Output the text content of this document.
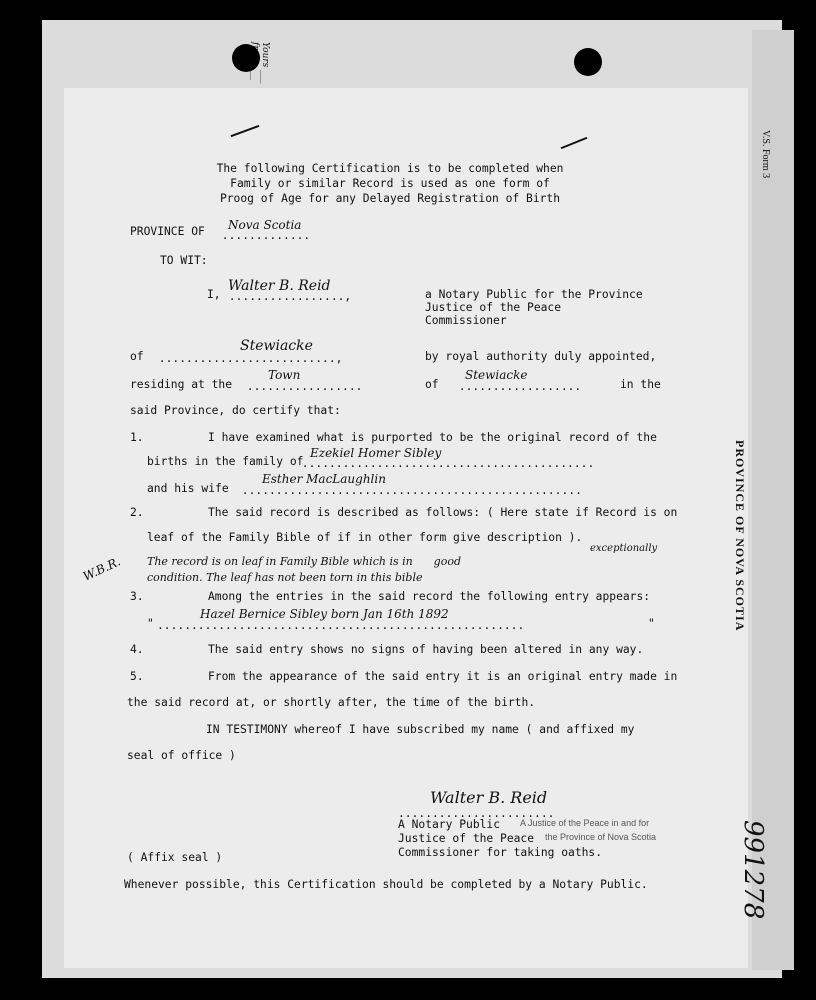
V.S. Form 3
Yours ___
___
The following Certification is to be completed when
Family or similar Record is used as one form of
Proog of Age for any Delayed Registration of Birth
PROVINCE OF .............
Nova Scotia
TO WIT:
I, .................,
Walter B. Reid
a Notary Public for the Province
Justice of the Peace
Commissioner
of ..........................,
Stewiacke
by royal authority duly appointed,
residing at the .................
Town
of ..................
Stewiacke
in the
said Province, do certify that:
1.	I have examined what is purported to be the original record of the
births in the family of
...........................................
Ezekiel Homer Sibley
and his wife ..................................................
Esther MacLaughlin
2.	The said record is described as follows: ( Here state if Record is on
leaf of the Family Bible of if in other form give description ).
exceptionally
The record is on leaf in Family Bible which is in      good
condition. The leaf has not been torn in this bible
W.B.R.
3.	Among the entries in the said record the following entry appears:
" ......................................................
Hazel Bernice Sibley born Jan 16th 1892
"
4.	The said entry shows no signs of having been altered in any way.
5.	From the appearance of the said entry it is an original entry made in
the said record at, or shortly after, the time of the birth.
IN TESTIMONY whereof I have subscribed my name ( and affixed my
seal of office )
.......................
Walter B. Reid
A Notary Public
Justice of the Peace
Commissioner for taking oaths.
A Justice of the Peace in and for
the Province of Nova Scotia
( Affix seal )
Whenever possible, this Certification should be completed by a Notary Public.
PROVINCE OF NOVA SCOTIA
991278
